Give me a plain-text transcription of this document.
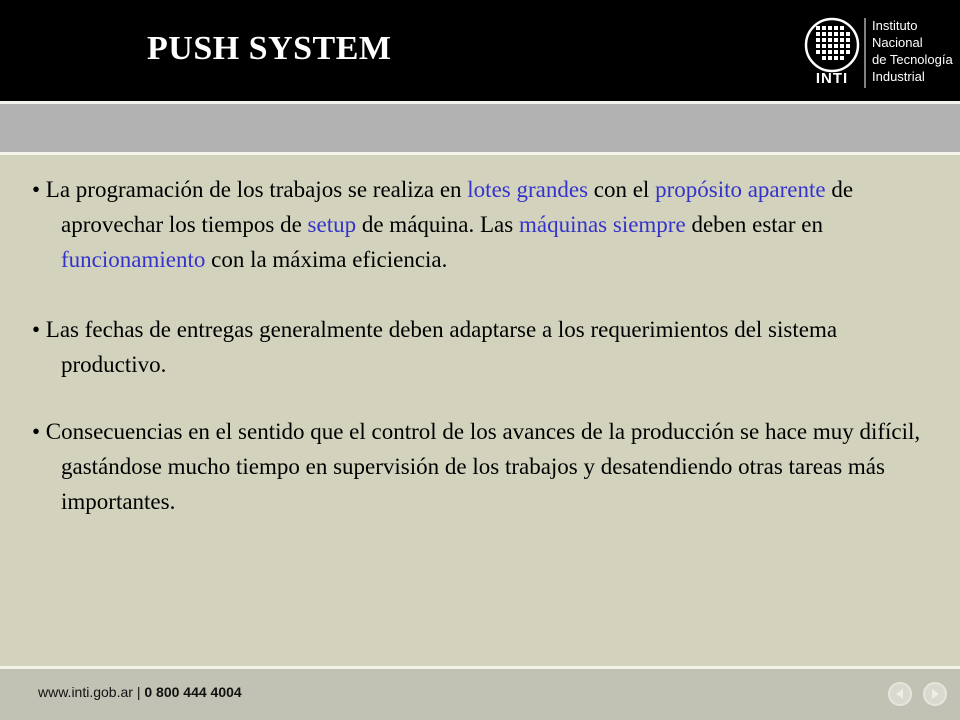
PUSH SYSTEM
INTI
Instituto
Nacional
de Tecnología
Industrial

• La programación de los trabajos se realiza en lotes grandes con el propósito aparente de aprovechar los tiempos de setup de máquina. Las máquinas siempre deben estar en funcionamiento con la máxima eficiencia.

• Las fechas de entregas generalmente deben adaptarse a los requerimientos del sistema productivo.

• Consecuencias en el sentido que el control de los avances de la producción se hace muy difícil, gastándose mucho tiempo en supervisión de los trabajos y desatendiendo otras tareas más importantes.

www.inti.gob.ar | 0 800 444 4004
